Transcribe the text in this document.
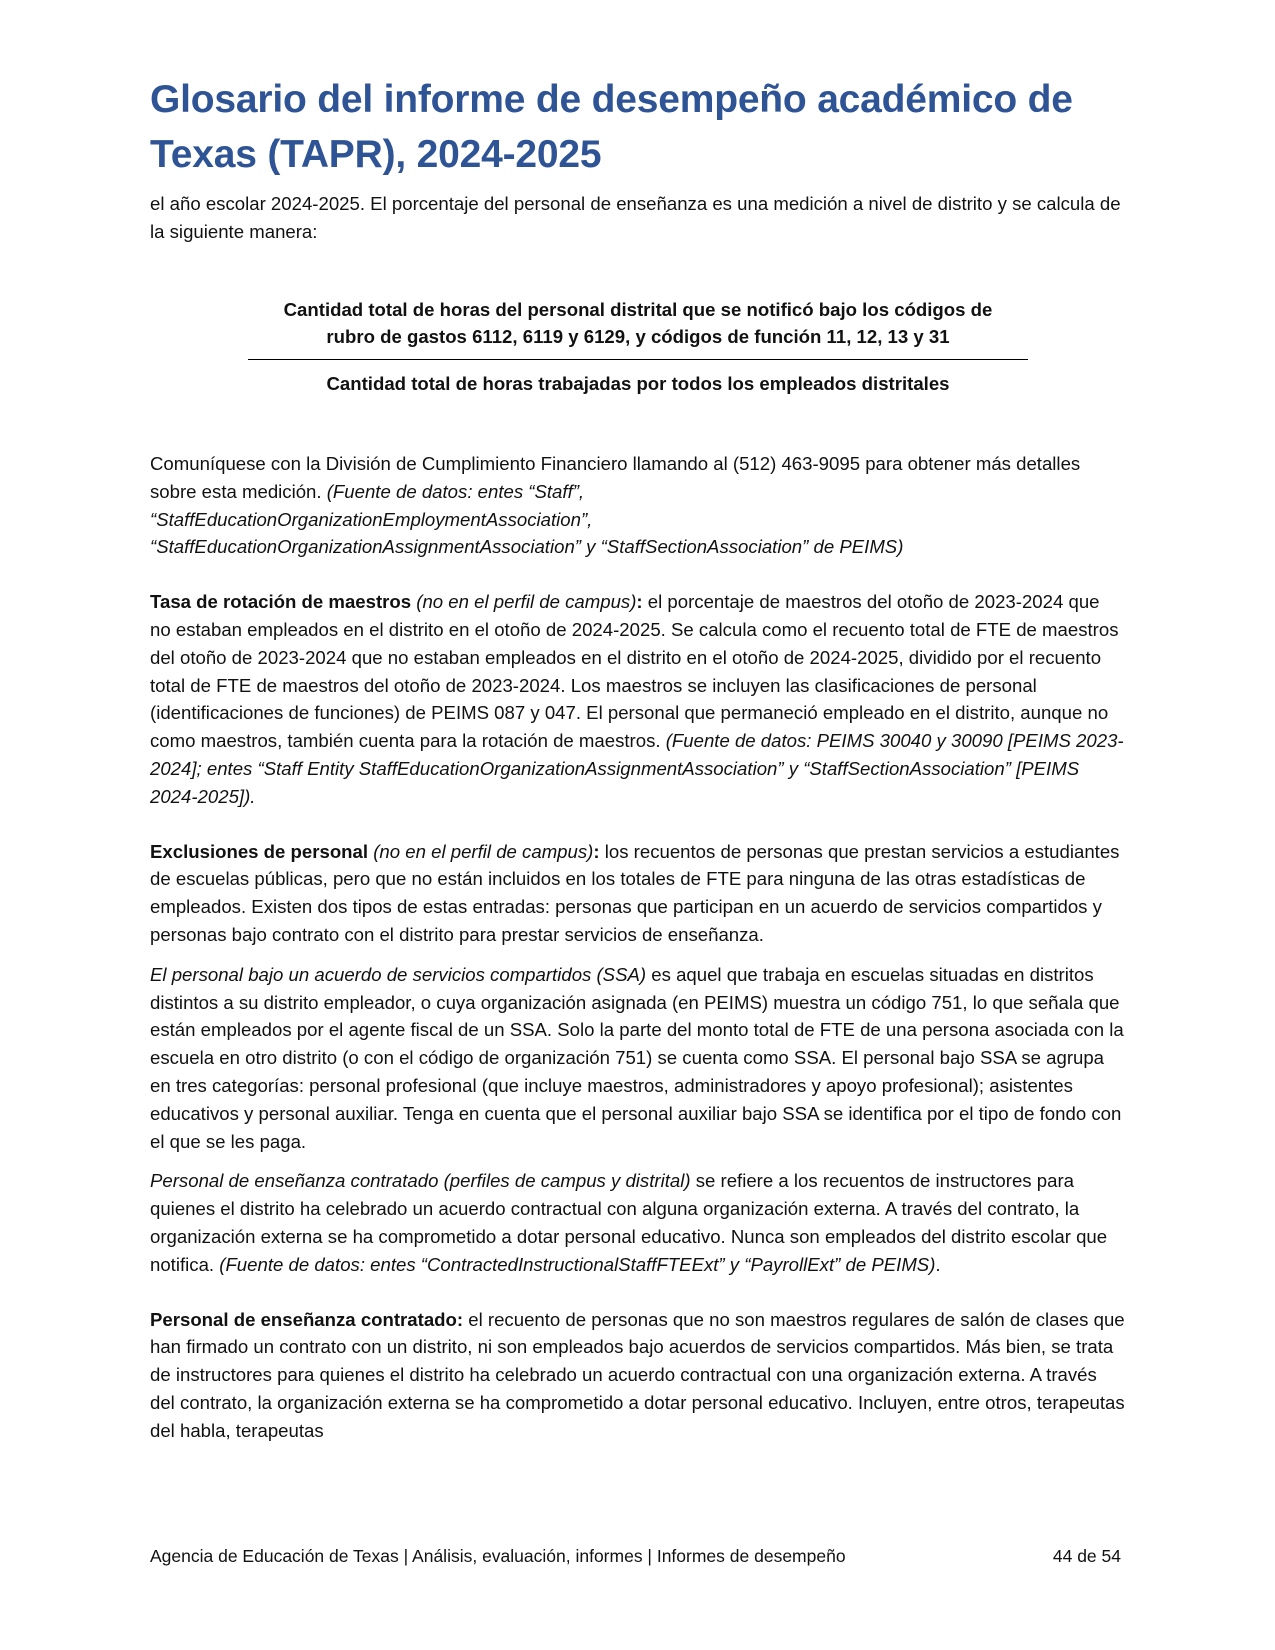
Glosario del informe de desempeño académico de
Texas (TAPR), 2024-2025

el año escolar 2024-2025. El porcentaje del personal de enseñanza es una medición a nivel de distrito y se calcula de la siguiente manera:

Cantidad total de horas del personal distrital que se notificó bajo los códigos de
rubro de gastos 6112, 6119 y 6129, y códigos de función 11, 12, 13 y 31
Cantidad total de horas trabajadas por todos los empleados distritales

Comuníquese con la División de Cumplimiento Financiero llamando al (512) 463-9095 para obtener más detalles sobre esta medición. (Fuente de datos: entes “Staff”,
“StaffEducationOrganizationEmploymentAssociation”,
“StaffEducationOrganizationAssignmentAssociation” y “StaffSectionAssociation” de PEIMS)

Tasa de rotación de maestros (no en el perfil de campus): el porcentaje de maestros del otoño de 2023-2024 que no estaban empleados en el distrito en el otoño de 2024-2025. Se calcula como el recuento total de FTE de maestros del otoño de 2023-2024 que no estaban empleados en el distrito en el otoño de 2024-2025, dividido por el recuento total de FTE de maestros del otoño de 2023-2024. Los maestros se incluyen las clasificaciones de personal (identificaciones de funciones) de PEIMS 087 y 047. El personal que permaneció empleado en el distrito, aunque no como maestros, también cuenta para la rotación de maestros. (Fuente de datos: PEIMS 30040 y 30090 [PEIMS 2023-2024]; entes “Staff Entity StaffEducationOrganizationAssignmentAssociation” y “StaffSectionAssociation” [PEIMS 2024-2025]).

Exclusiones de personal (no en el perfil de campus): los recuentos de personas que prestan servicios a estudiantes de escuelas públicas, pero que no están incluidos en los totales de FTE para ninguna de las otras estadísticas de empleados. Existen dos tipos de estas entradas: personas que participan en un acuerdo de servicios compartidos y personas bajo contrato con el distrito para prestar servicios de enseñanza.

El personal bajo un acuerdo de servicios compartidos (SSA) es aquel que trabaja en escuelas situadas en distritos distintos a su distrito empleador, o cuya organización asignada (en PEIMS) muestra un código 751, lo que señala que están empleados por el agente fiscal de un SSA. Solo la parte del monto total de FTE de una persona asociada con la escuela en otro distrito (o con el código de organización 751) se cuenta como SSA. El personal bajo SSA se agrupa en tres categorías: personal profesional (que incluye maestros, administradores y apoyo profesional); asistentes educativos y personal auxiliar. Tenga en cuenta que el personal auxiliar bajo SSA se identifica por el tipo de fondo con el que se les paga.

Personal de enseñanza contratado (perfiles de campus y distrital) se refiere a los recuentos de instructores para quienes el distrito ha celebrado un acuerdo contractual con alguna organización externa. A través del contrato, la organización externa se ha comprometido a dotar personal educativo. Nunca son empleados del distrito escolar que notifica. (Fuente de datos: entes “ContractedInstructionalStaffFTEExt” y “PayrollExt” de PEIMS).

Personal de enseñanza contratado: el recuento de personas que no son maestros regulares de salón de clases que han firmado un contrato con un distrito, ni son empleados bajo acuerdos de servicios compartidos. Más bien, se trata de instructores para quienes el distrito ha celebrado un acuerdo contractual con una organización externa. A través del contrato, la organización externa se ha comprometido a dotar personal educativo. Incluyen, entre otros, terapeutas del habla, terapeutas

Agencia de Educación de Texas | Análisis, evaluación, informes | Informes de desempeño	44 de 54
